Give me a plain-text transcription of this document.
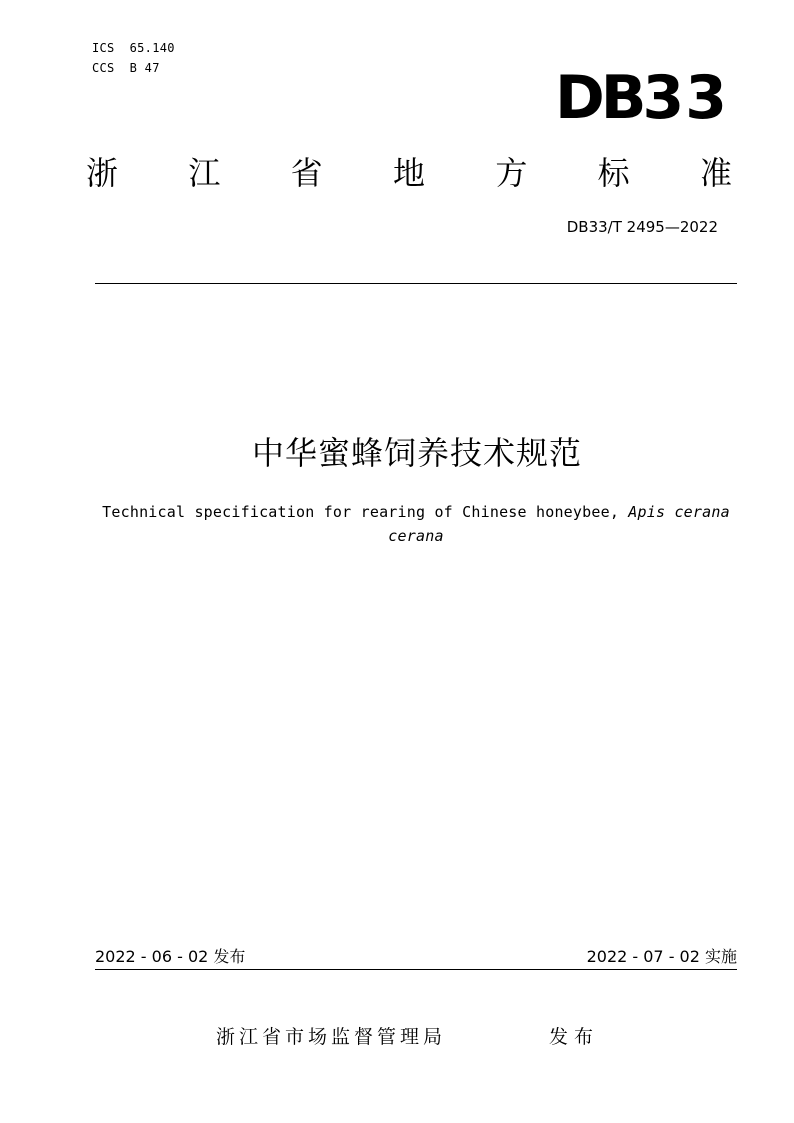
ICS  65.140
CCS  B 47	DB33
浙 江 省 地 方 标 准
DB33/T 2495—2022
中华蜜蜂饲养技术规范
Technical specification for rearing of Chinese honeybee, Apis cerana
cerana
2022 - 06 - 02 发布	2022 - 07 - 02 实施
浙江省市场监督管理局	发布
